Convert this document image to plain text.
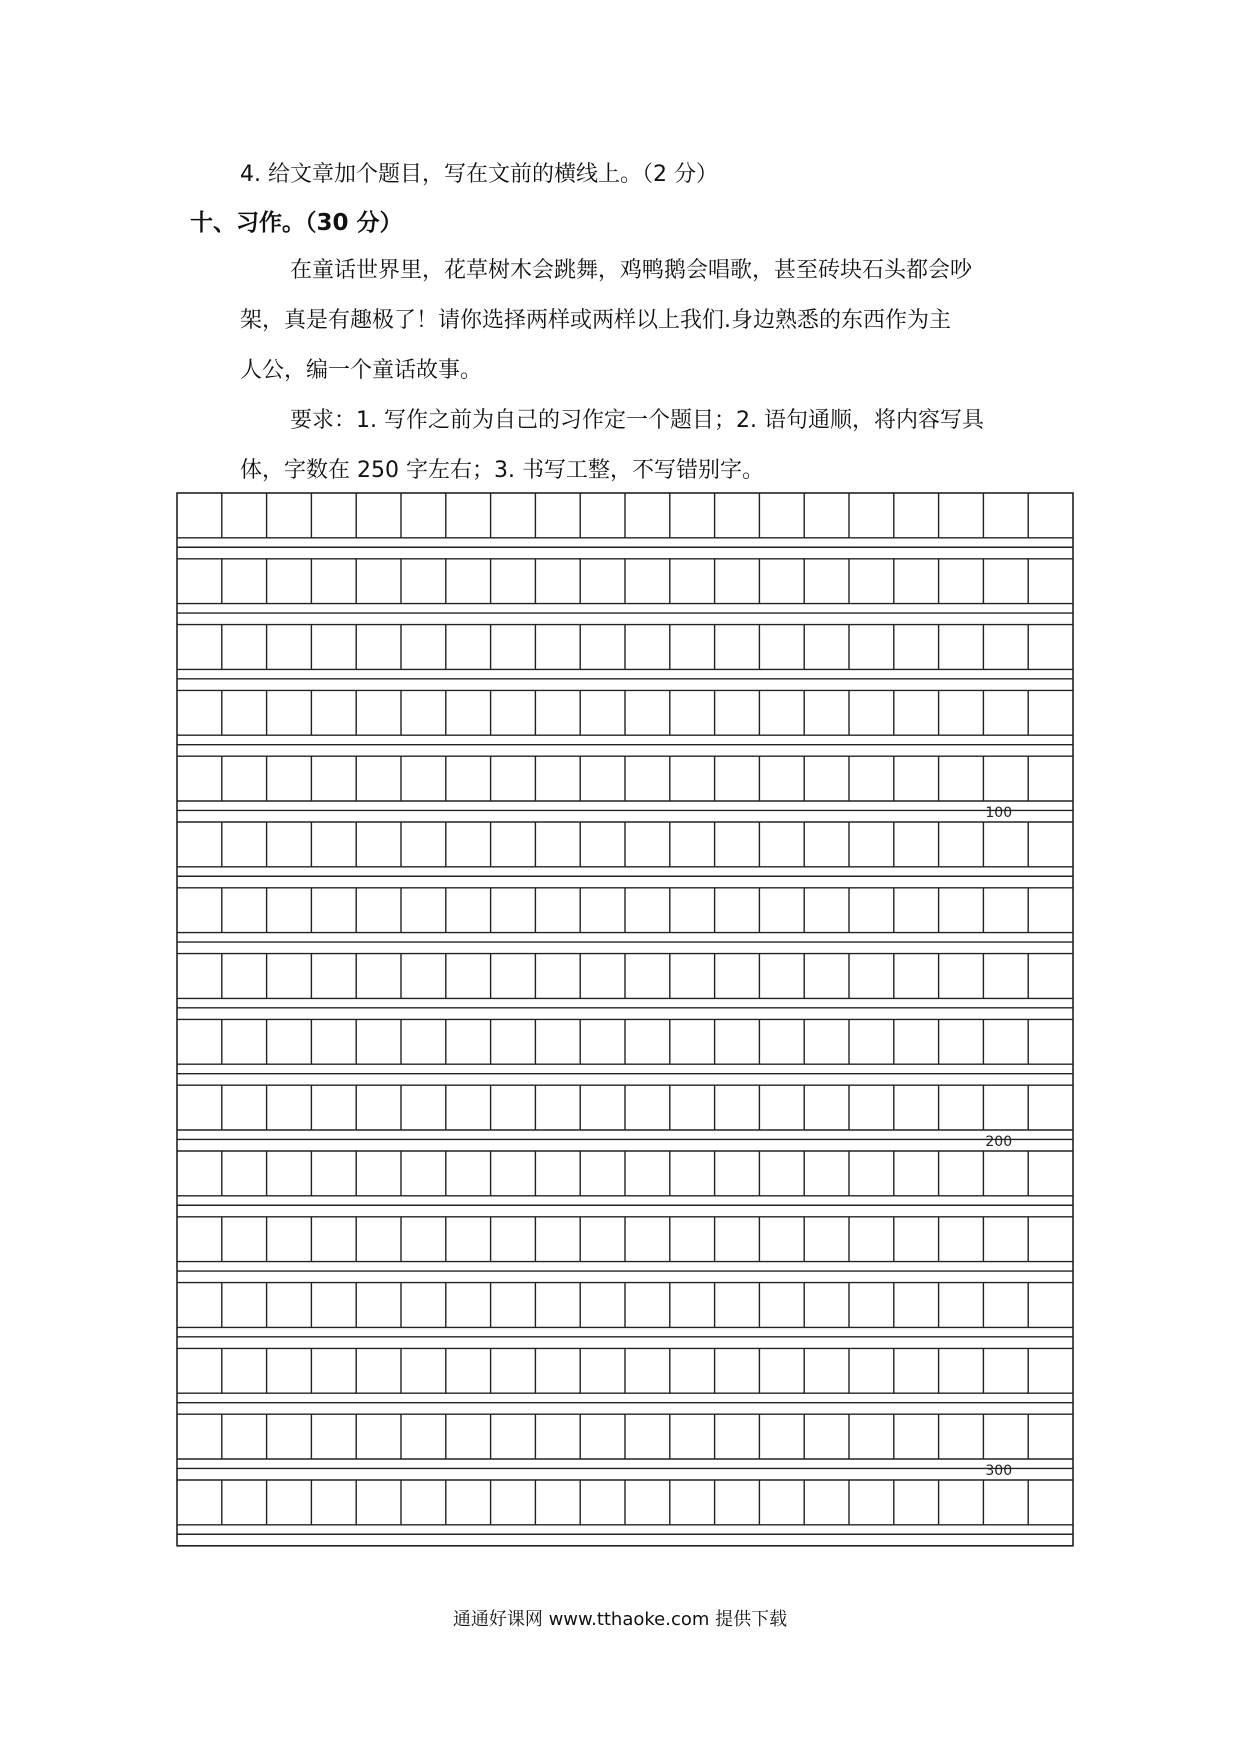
4. 给文章加个题目，写在文前的横线上。（2 分）
十、习作。（30 分）
在童话世界里，花草树木会跳舞，鸡鸭鹅会唱歌，甚至砖块石头都会吵
架，真是有趣极了！请你选择两样或两样以上我们.身边熟悉的东西作为主
人公，编一个童话故事。
要求：1. 写作之前为自己的习作定一个题目；2. 语句通顺，将内容写具
体，字数在 250 字左右；3. 书写工整，不写错别字。
100
200
300
通通好课网 www.tthaoke.com 提供下载
